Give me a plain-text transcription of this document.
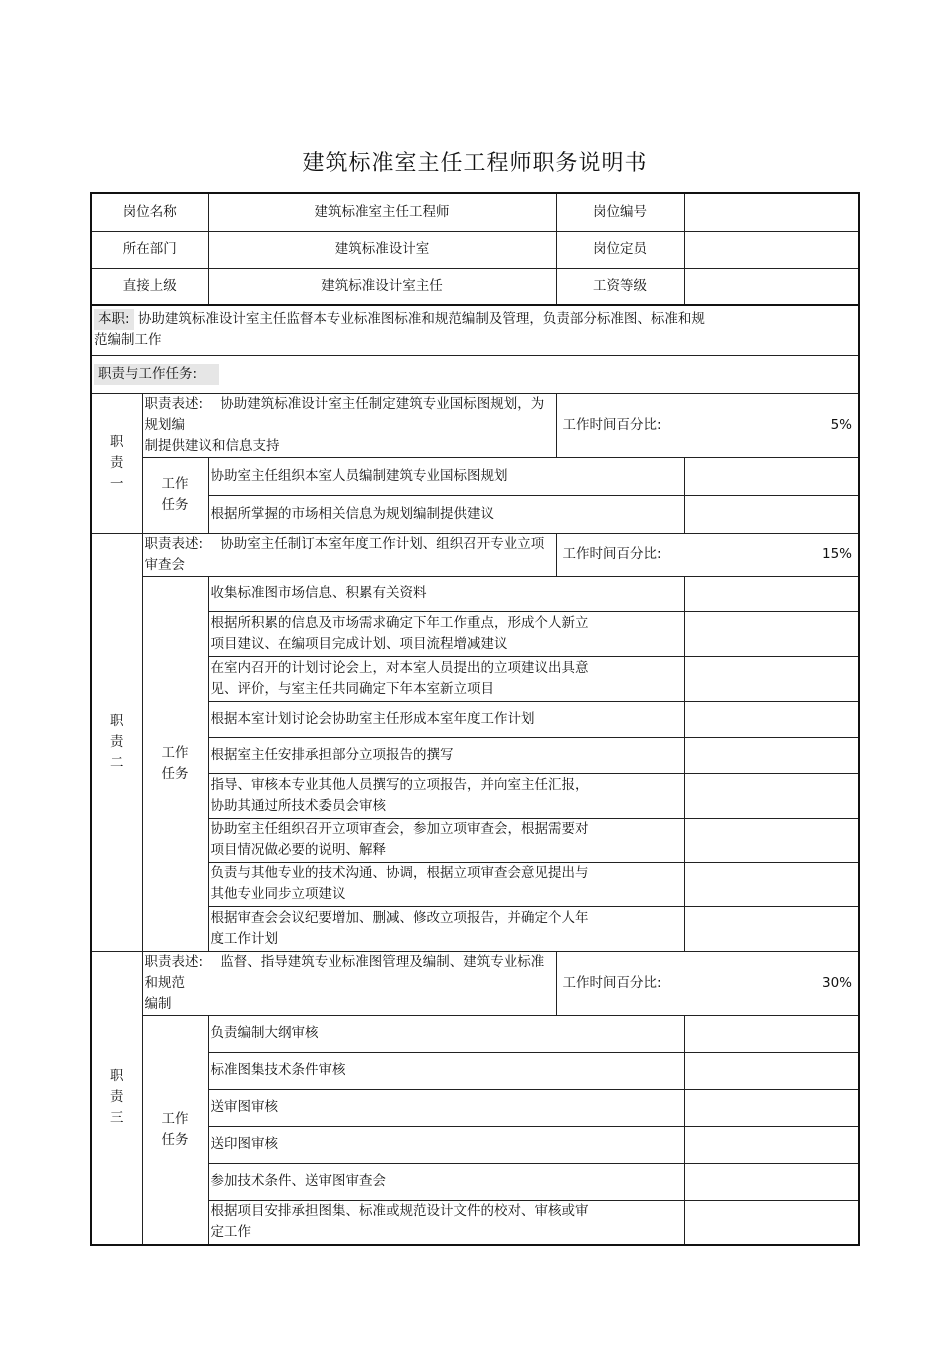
建筑标准室主任工程师职务说明书
岗位名称		建筑标准室主任工程师	岗位编号	
所在部门		建筑标准设计室	岗位定员	
直接上级		建筑标准设计室主任	工资等级	
本职: 协助建筑标准设计室主任监督本专业标准图标准和规范编制及管理，负责部分标准图、标准和规
范编制工作				
职责与工作任务:				

职
责
一	职责表述: 协助建筑标准设计室主任制定建筑专业国标图规划，为规划编
制提供建议和信息支持		工作时间百分比: 5%	

	工作
任务	协助室主任组织本室人员编制建筑专业国标图规划		
		根据所掌握的市场相关信息为规划编制提供建议		

职
责
二	职责表述: 协助室主任制订本室年度工作计划、组织召开专业立项审查会		工作时间百分比: 15%	

	工作
任务	收集标准图市场信息、积累有关资料		
		根据所积累的信息及市场需求确定下年工作重点，形成个人新立
项目建议、在编项目完成计划、项目流程增减建议		
		在室内召开的计划讨论会上，对本室人员提出的立项建议出具意
见、评价，与室主任共同确定下年本室新立项目		
		根据本室计划讨论会协助室主任形成本室年度工作计划		
		根据室主任安排承担部分立项报告的撰写		
		指导、审核本专业其他人员撰写的立项报告，并向室主任汇报，
协助其通过所技术委员会审核		
		协助室主任组织召开立项审查会，参加立项审查会，根据需要对
项目情况做必要的说明、解释		
		负责与其他专业的技术沟通、协调，根据立项审查会意见提出与
其他专业同步立项建议		
		根据审查会会议纪要增加、删减、修改立项报告，并确定个人年
度工作计划		

职
责
三	职责表述: 监督、指导建筑专业标准图管理及编制、建筑专业标准和规范
编制		工作时间百分比: 30%	

	工作
任务	负责编制大纲审核		
		标准图集技术条件审核		
		送审图审核		
		送印图审核		
		参加技术条件、送审图审查会		
		根据项目安排承担图集、标准或规范设计文件的校对、审核或审
定工作		
